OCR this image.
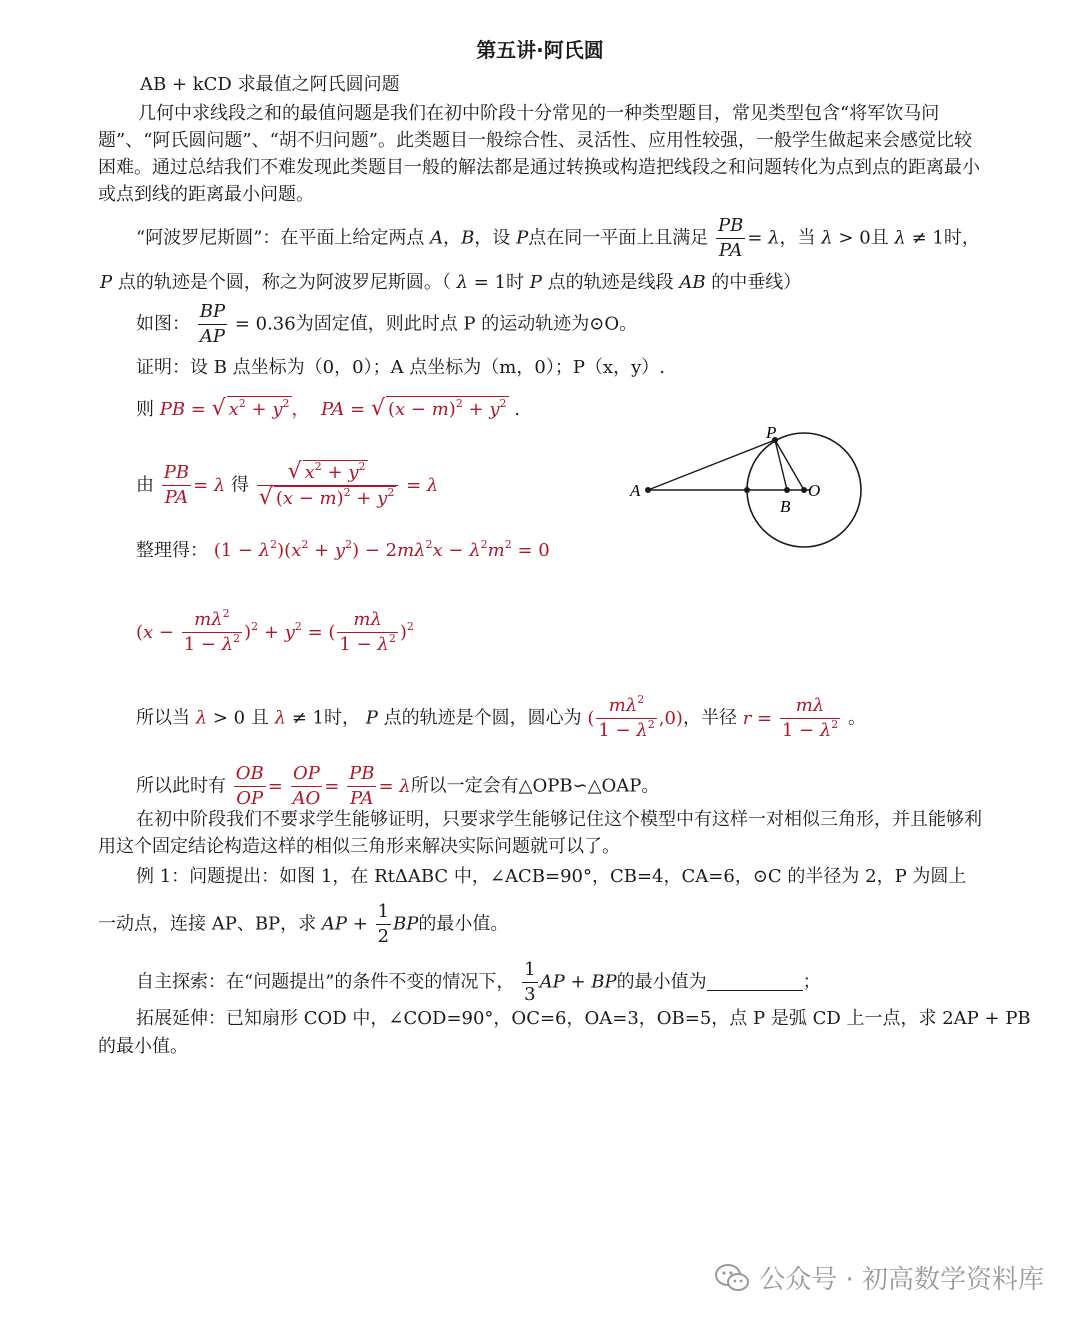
第五讲·阿氏圆
AB + kCD 求最值之阿氏圆问题
几何中求线段之和的最值问题是我们在初中阶段十分常见的一种类型题目，常见类型包含“将军饮马问题”、“阿氏圆问题”、“胡不归问题”。此类题目一般综合性、灵活性、应用性较强，一般学生做起来会感觉比较困难。通过总结我们不难发现此类题目一般的解法都是通过转换或构造把线段之和问题转化为点到点的距离最小或点到线的距离最小问题。
“阿波罗尼斯圆”：在平面上给定两点 A，B，设 P点在同一平面上且满足 $\frac{PB}{PA} = \lambda$，当 λ > 0且 λ ≠ 1时，
P 点的轨迹是个圆，称之为阿波罗尼斯圆。（ λ = 1时 P 点的轨迹是线段 AB 的中垂线）
如图： $\frac{BP}{AP} = 0.36$为固定值，则此时点 P 的运动轨迹为⊙O。
证明：设 B 点坐标为（0，0）；A 点坐标为（m，0）；P（x，y）.
则 PB = √ $x^2 + y^2$ ，  PA = √ $(x - m)^2 + y^2$ .
由 $\frac{PB}{PA} = \lambda$ 得 $\frac{√ x^2 + y^2}{√ (x - m)^2 + y^2} = \lambda$
整理得： $(1 - \lambda^2)(x^2 + y^2) - 2m\lambda^2x - \lambda^2m^2 = 0$
$(x - \frac{m\lambda^2}{1 - \lambda^2} )^2 + y^2$ = ( $\frac{m\lambda}{1 - \lambda^2} )^2$
所以当 λ > 0 且 λ ≠ 1时， P 点的轨迹是个圆，圆心为 ( $\frac{m\lambda^2}{1 - \lambda^2} ,0$)，半径 $r = \frac{m\lambda}{1 - \lambda^2}$ 。
所以此时有 $\frac{OB}{OP} = \frac{OP}{AO} = \frac{PB}{PA} = \lambda$所以一定会有△OPB∽△OAP。
在初中阶段我们不要求学生能够证明，只要求学生能够记住这个模型中有这样一对相似三角形，并且能够利用这个固定结论构造这样的相似三角形来解决实际问题就可以了。
例 1：问题提出：如图 1，在 RtΔABC 中，∠ACB=90°，CB=4，CA=6，⊙C 的半径为 2，P 为圆上
一动点，连接 AP、BP，求 AP + $\frac{1}{2}$ BP的最小值。
自主探索：在“问题提出”的条件不变的情况下， $\frac{1}{3}$ AP + BP的最小值为	；
拓展延伸：已知扇形 COD 中，∠COD=90°，OC=6，OA=3，OB=5，点 P 是弧 CD 上一点，求 2AP + PB
的最小值。
P
A
B
O
公众号 · 初高数学资料库
